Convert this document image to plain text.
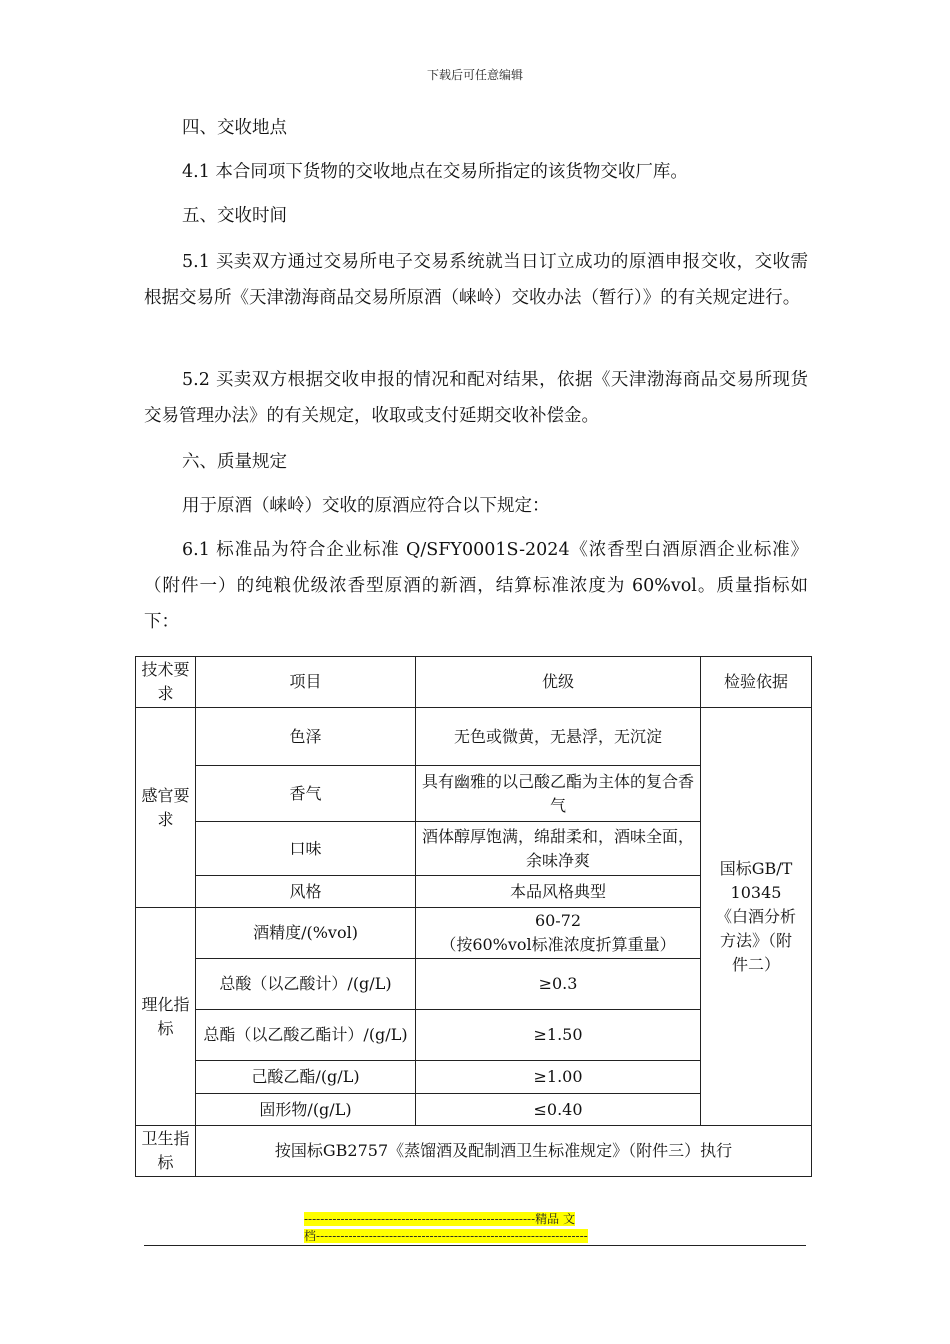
下载后可任意编辑
四、交收地点
4.1 本合同项下货物的交收地点在交易所指定的该货物交收厂库。
五、交收时间
5.1 买卖双方通过交易所电子交易系统就当日订立成功的原酒申报交收，交收需根据交易所《天津渤海商品交易所原酒（崃岭）交收办法（暂行）》的有关规定进行。
5.2 买卖双方根据交收申报的情况和配对结果，依据《天津渤海商品交易所现货交易管理办法》的有关规定，收取或支付延期交收补偿金。
六、质量规定
用于原酒（崃岭）交收的原酒应符合以下规定：
6.1 标准品为符合企业标准 Q/SFY0001S-2024《浓香型白酒原酒企业标准》（附件一）的纯粮优级浓香型原酒的新酒，结算标准浓度为 60%vol。质量指标如下：
技术要求	项目	优级	检验依据
感官要求	色泽	无色或微黄，无悬浮，无沉淀	国标GB/T 10345《白酒分析方法》（附件二）
	香气	具有幽雅的以己酸乙酯为主体的复合香气	
	口味	酒体醇厚饱满，绵甜柔和，酒味全面，余味净爽	
	风格	本品风格典型	
理化指标	酒精度/(%vol)	60-72
（按60%vol标准浓度折算重量）	

	总酸（以乙酸计）/(g/L)	≥0.3	
	总酯（以乙酸乙酯计）/(g/L)	≥1.50	
	己酸乙酯/(g/L)	≥1.00	
	固形物/(g/L)	≤0.40	
卫生指标	按国标GB2757《蒸馏酒及配制酒卫生标准规定》（附件三）执行		
---------------------------------------------------------精品 文
档-------------------------------------------------------------------
